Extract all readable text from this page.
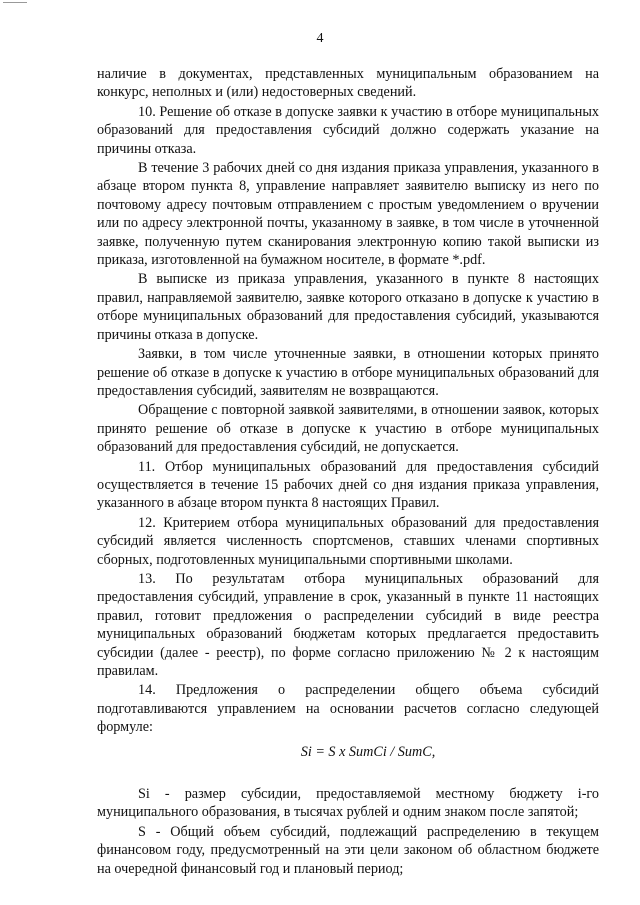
4

наличие в документах, представленных муниципальным образованием на конкурс, неполных и (или) недостоверных сведений.

10. Решение об отказе в допуске заявки к участию в отборе муниципальных образований для предоставления субсидий должно содержать указание на причины отказа.

В течение 3 рабочих дней со дня издания приказа управления, указанного в абзаце втором пункта 8, управление направляет заявителю выписку из него по почтовому адресу почтовым отправлением с простым уведомлением о вручении или по адресу электронной почты, указанному в заявке, в том числе в уточненной заявке, полученную путем сканирования электронную копию такой выписки из приказа, изготовленной на бумажном носителе, в формате *.pdf.

В выписке из приказа управления, указанного в пункте 8 настоящих правил, направляемой заявителю, заявке которого отказано в допуске к участию в отборе муниципальных образований для предоставления субсидий, указываются причины отказа в допуске.

Заявки, в том числе уточненные заявки, в отношении которых принято решение об отказе в допуске к участию в отборе муниципальных образований для предоставления субсидий, заявителям не возвращаются.

Обращение с повторной заявкой заявителями, в отношении заявок, которых принято решение об отказе в допуске к участию в отборе муниципальных образований для предоставления субсидий, не допускается.

11. Отбор муниципальных образований для предоставления субсидий осуществляется в течение 15 рабочих дней со дня издания приказа управления, указанного в абзаце втором пункта 8 настоящих Правил.

12. Критерием отбора муниципальных образований для предоставления субсидий является численность спортсменов, ставших членами спортивных сборных, подготовленных муниципальными спортивными школами.

13. По результатам отбора муниципальных образований для предоставления субсидий, управление в срок, указанный в пункте 11 настоящих правил, готовит предложения о распределении субсидий в виде реестра муниципальных образований бюджетам которых предлагается предоставить субсидии (далее - реестр), по форме согласно приложению № 2 к настоящим правилам.

14. Предложения о распределении общего объема субсидий подготавливаются управлением на основании расчетов согласно следующей формуле:

Si = S x SumCi / SumC,

Si - размер субсидии, предоставляемой местному бюджету i-го муниципального образования, в тысячах рублей и одним знаком после запятой;

S - Общий объем субсидий, подлежащий распределению в текущем финансовом году, предусмотренный на эти цели законом об областном бюджете на очередной финансовый год и плановый период;
